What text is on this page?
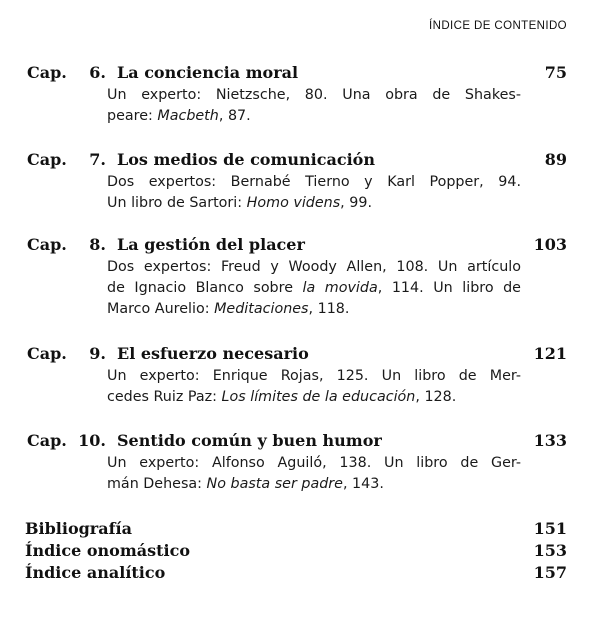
ÍNDICE DE CONTENIDO
Cap. 6. La conciencia moral	75
Un experto: Nietzsche, 80. Una obra de Shakes-
peare: Macbeth, 87.
Cap. 7. Los medios de comunicación	89
Dos expertos: Bernabé Tierno y Karl Popper, 94.
Un libro de Sartori: Homo videns, 99.
Cap. 8. La gestión del placer	103
Dos expertos: Freud y Woody Allen, 108. Un artículo
de Ignacio Blanco sobre la movida, 114. Un libro de
Marco Aurelio: Meditaciones, 118.
Cap. 9. El esfuerzo necesario	121
Un experto: Enrique Rojas, 125. Un libro de Mer-
cedes Ruiz Paz: Los límites de la educación, 128.
Cap. 10. Sentido común y buen humor	133
Un experto: Alfonso Aguiló, 138. Un libro de Ger-
mán Dehesa: No basta ser padre, 143.
Bibliografía	151
Índice onomástico	153
Índice analítico	157
